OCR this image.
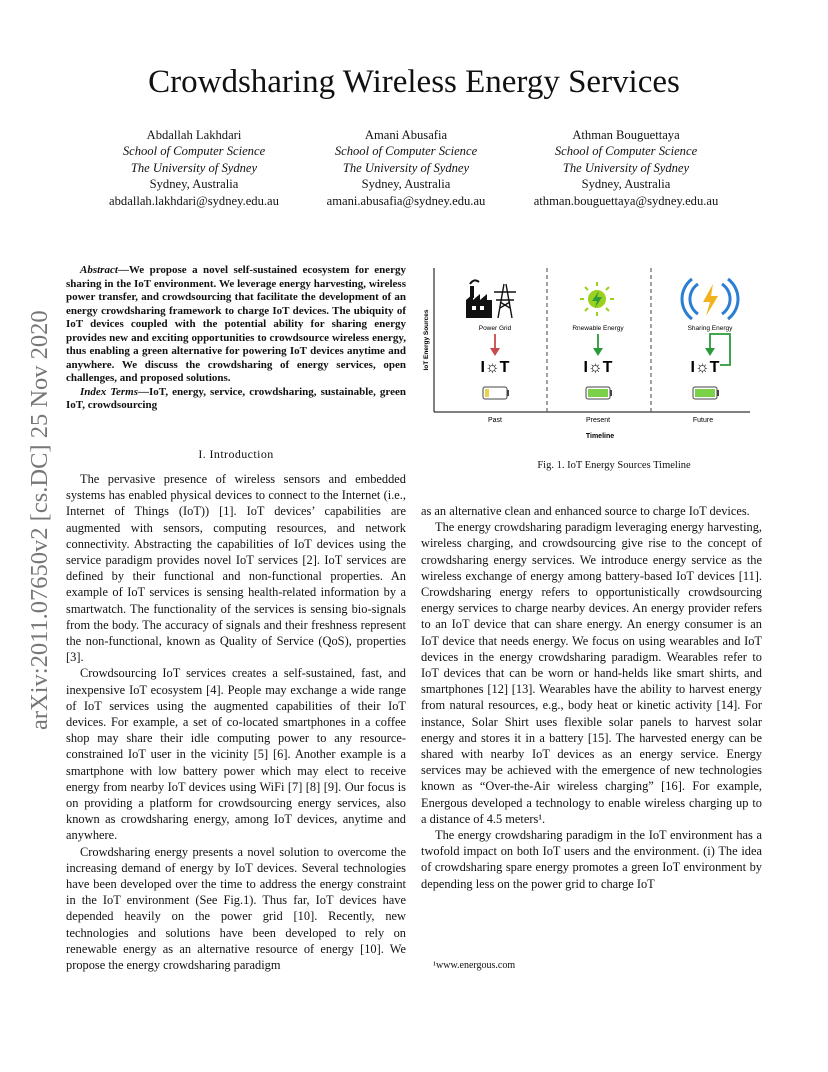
Crowdsharing Wireless Energy Services
Abdallah Lakhdari
School of Computer Science
The University of Sydney
Sydney, Australia
abdallah.lakhdari@sydney.edu.au
Amani Abusafia
School of Computer Science
The University of Sydney
Sydney, Australia
amani.abusafia@sydney.edu.au
Athman Bouguettaya
School of Computer Science
The University of Sydney
Sydney, Australia
athman.bouguettaya@sydney.edu.au
arXiv:2011.07650v2 [cs.DC] 25 Nov 2020

Abstract—We propose a novel self-sustained ecosystem for energy sharing in the IoT environment. We leverage energy harvesting, wireless power transfer, and crowdsourcing that facilitate the development of an energy crowdsharing framework to charge IoT devices. The ubiquity of IoT devices coupled with the potential ability for sharing energy provides new and exciting opportunities to crowdsource wireless energy, thus enabling a green alternative for powering IoT devices anytime and anywhere. We discuss the crowdsharing of energy services, open challenges, and proposed solutions.

Index Terms—IoT, energy, service, crowdsharing, sustainable, green IoT, crowdsourcing

I. Introduction

The pervasive presence of wireless sensors and embedded systems has enabled physical devices to connect to the Internet (i.e., Internet of Things (IoT)) [1]. IoT devices’ capabilities are augmented with sensors, computing resources, and network connectivity. Abstracting the capabilities of IoT devices using the service paradigm provides novel IoT services [2]. IoT services are defined by their functional and non-functional properties. An example of IoT services is sensing health-related information by a smartwatch. The functionality of the services is sensing bio-signals from the body. The accuracy of signals and their freshness represent the non-functional, known as Quality of Service (QoS), properties [3].

Crowdsourcing IoT services creates a self-sustained, fast, and inexpensive IoT ecosystem [4]. People may exchange a wide range of IoT services using the augmented capabilities of their IoT devices. For example, a set of co-located smartphones in a coffee shop may share their idle computing power to any resource-constrained IoT user in the vicinity [5] [6]. Another example is a smartphone with low battery power which may elect to receive energy from nearby IoT devices using WiFi [7] [8] [9]. Our focus is on providing a platform for crowdsourcing energy services, also known as crowdsharing energy, among IoT devices, anytime and anywhere.

Crowdsharing energy presents a novel solution to overcome the increasing demand of energy by IoT devices. Several technologies have been developed over the time to address the energy constraint in the IoT environment (See Fig.1). Thus far, IoT devices have depended heavily on the power grid [10]. Recently, new technologies and solutions have been developed to rely on renewable energy as an alternative resource of energy [10]. We propose the energy crowdsharing paradigm

as an alternative clean and enhanced source to charge IoT devices.

The energy crowdsharing paradigm leveraging energy harvesting, wireless charging, and crowdsourcing give rise to the concept of crowdsharing energy services. We introduce energy service as the wireless exchange of energy among battery-based IoT devices [11]. Crowdsharing energy refers to opportunistically crowdsourcing energy services to charge nearby devices. An energy provider refers to an IoT device that can share energy. An energy consumer is an IoT device that needs energy. We focus on using wearables and IoT devices in the energy crowdsharing paradigm. Wearables refer to IoT devices that can be worn or hand-helds like smart shirts, and smartphones [12] [13]. Wearables have the ability to harvest energy from natural resources, e.g., body heat or kinetic activity [14]. For instance, Solar Shirt uses flexible solar panels to harvest solar energy and stores it in a battery [15]. The harvested energy can be shared with nearby IoT devices as an energy service. Energy services may be achieved with the emergence of new technologies known as “Over-the-Air wireless charging” [16]. For example, Energous developed a technology to enable wireless charging up to a distance of 4.5 meters¹.

The energy crowdsharing paradigm in the IoT environment has a twofold impact on both IoT users and the environment. (i) The idea of crowdsharing spare energy promotes a green IoT environment by depending less on the power grid to charge IoT

IoT Energy Sources
Timeline
Power Grid
I☼T
Past
Rnewable Energy
I☼T
Present
Sharing Energy
I☼T
Future
Fig. 1. IoT Energy Sources Timeline
¹www.energous.com
